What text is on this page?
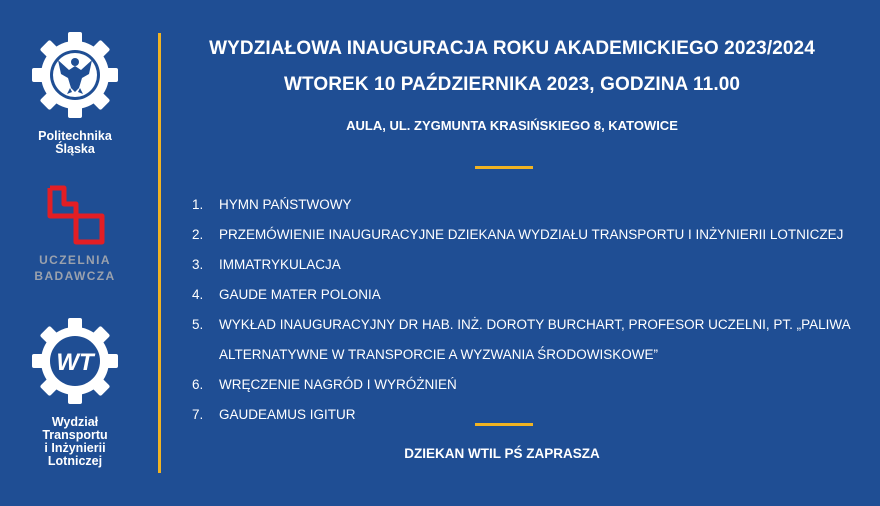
Politechnika
Śląska
UCZELNIA
BADAWCZA
WT
Wydział
Transportu
i Inżynierii
Lotniczej
WYDZIAŁOWA INAUGURACJA ROKU AKADEMICKIEGO 2023/2024
WTOREK 10 PAŹDZIERNIKA 2023, GODZINA 11.00
AULA, UL. ZYGMUNTA KRASIŃSKIEGO 8, KATOWICE
1.	HYMN PAŃSTWOWY
2.	PRZEMÓWIENIE INAUGURACYJNE DZIEKANA WYDZIAŁU TRANSPORTU I INŻYNIERII LOTNICZEJ
3.	IMMATRYKULACJA
4.	GAUDE MATER POLONIA
5.	WYKŁAD INAUGURACYJNY DR HAB. INŻ. DOROTY BURCHART, PROFESOR UCZELNI, PT. „PALIWA
ALTERNATYWNE W TRANSPORCIE A WYZWANIA ŚRODOWISKOWE”
6.	WRĘCZENIE NAGRÓD I WYRÓŻNIEŃ
7.	GAUDEAMUS IGITUR
DZIEKAN WTIL PŚ ZAPRASZA
